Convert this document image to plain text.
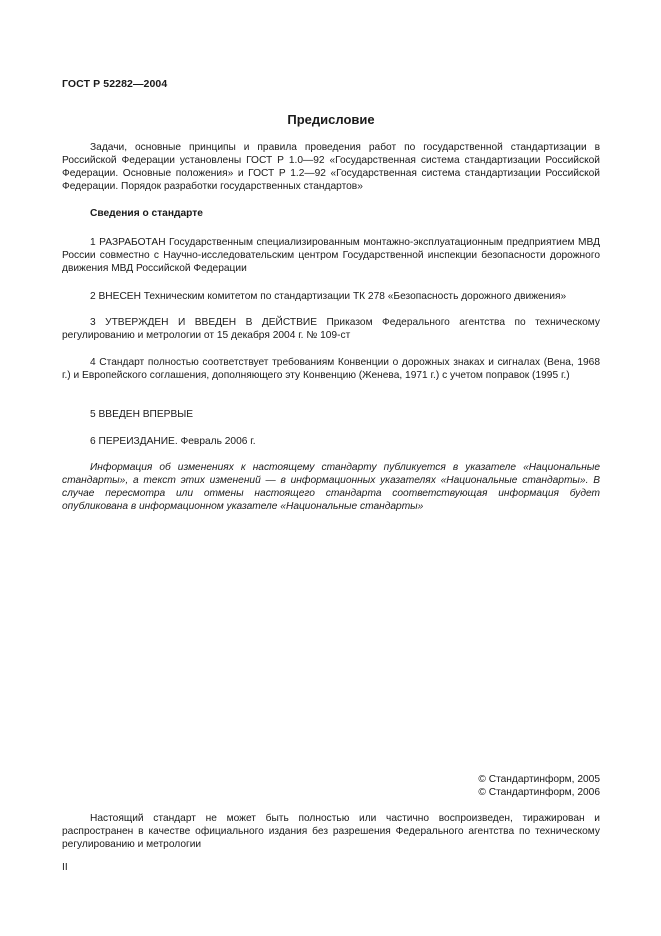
ГОСТ Р 52282—2004
Предисловие

Задачи, основные принципы и правила проведения работ по государственной стандартизации в Российской Федерации установлены ГОСТ Р 1.0—92 «Государственная система стандартизации Российской Федерации. Основные положения» и ГОСТ Р 1.2—92 «Государственная система стандартизации Российской Федерации. Порядок разработки государственных стандартов»

Сведения о стандарте

1 РАЗРАБОТАН Государственным специализированным монтажно-эксплуатационным предприятием МВД России совместно с Научно-исследовательским центром Государственной инспекции безопасности дорожного движения МВД Российской Федерации

2 ВНЕСЕН Техническим комитетом по стандартизации ТК 278 «Безопасность дорожного движения»

3 УТВЕРЖДЕН И ВВЕДЕН В ДЕЙСТВИЕ Приказом Федерального агентства по техническому регулированию и метрологии от 15 декабря 2004 г. № 109-ст

4 Стандарт полностью соответствует требованиям Конвенции о дорожных знаках и сигналах (Вена, 1968 г.) и Европейского соглашения, дополняющего эту Конвенцию (Женева, 1971 г.) с учетом поправок (1995 г.)

5 ВВЕДЕН ВПЕРВЫЕ

6 ПЕРЕИЗДАНИЕ. Февраль 2006 г.

Информация об изменениях к настоящему стандарту публикуется в указателе «Национальные стандарты», а текст этих изменений — в информационных указателях «Национальные стандарты». В случае пересмотра или отмены настоящего стандарта соответствующая информация будет опубликована в информационном указателе «Национальные стандарты»

© Стандартинформ, 2005
© Стандартинформ, 2006

Настоящий стандарт не может быть полностью или частично воспроизведен, тиражирован и распространен в качестве официального издания без разрешения Федерального агентства по техническому регулированию и метрологии

II
